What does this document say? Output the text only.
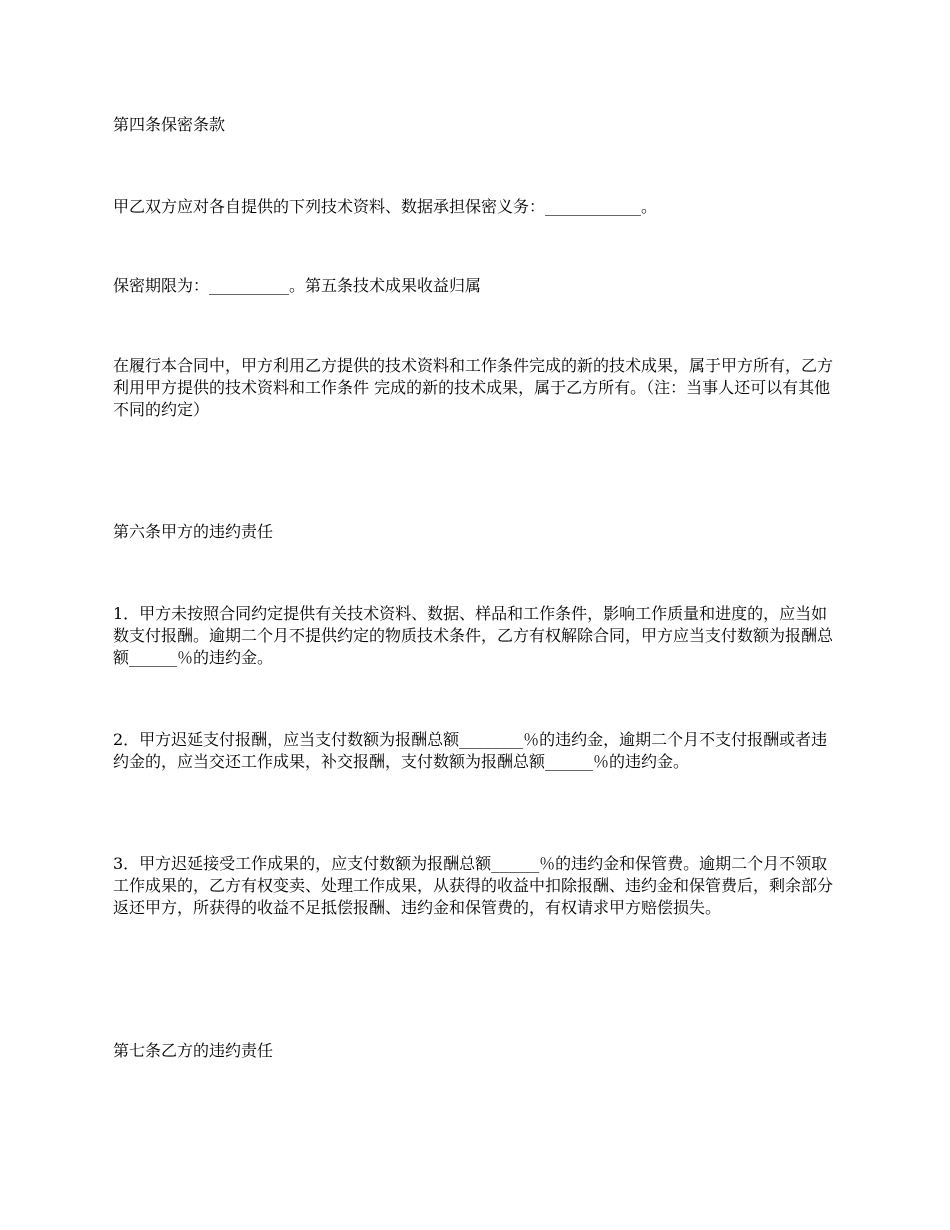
第四条保密条款

甲乙双方应对各自提供的下列技术资料、数据承担保密义务：____________。

保密期限为：__________。第五条技术成果收益归属

在履行本合同中，甲方利用乙方提供的技术资料和工作条件完成的新的技术成果，属于甲方所有，乙方利用甲方提供的技术资料和工作条件 完成的新的技术成果，属于乙方所有。（注：当事人还可以有其他不同的约定）

第六条甲方的违约责任

1．甲方未按照合同约定提供有关技术资料、数据、样品和工作条件，影响工作质量和进度的，应当如数支付报酬。逾期二个月不提供约定的物质技术条件，乙方有权解除合同，甲方应当支付数额为报酬总额______％的违约金。

2．甲方迟延支付报酬，应当支付数额为报酬总额________％的违约金，逾期二个月不支付报酬或者违约金的，应当交还工作成果，补交报酬，支付数额为报酬总额______％的违约金。

3．甲方迟延接受工作成果的，应支付数额为报酬总额______％的违约金和保管费。逾期二个月不领取工作成果的，乙方有权变卖、处理工作成果，从获得的收益中扣除报酬、违约金和保管费后，剩余部分返还甲方，所获得的收益不足抵偿报酬、违约金和保管费的，有权请求甲方赔偿损失。

第七条乙方的违约责任
